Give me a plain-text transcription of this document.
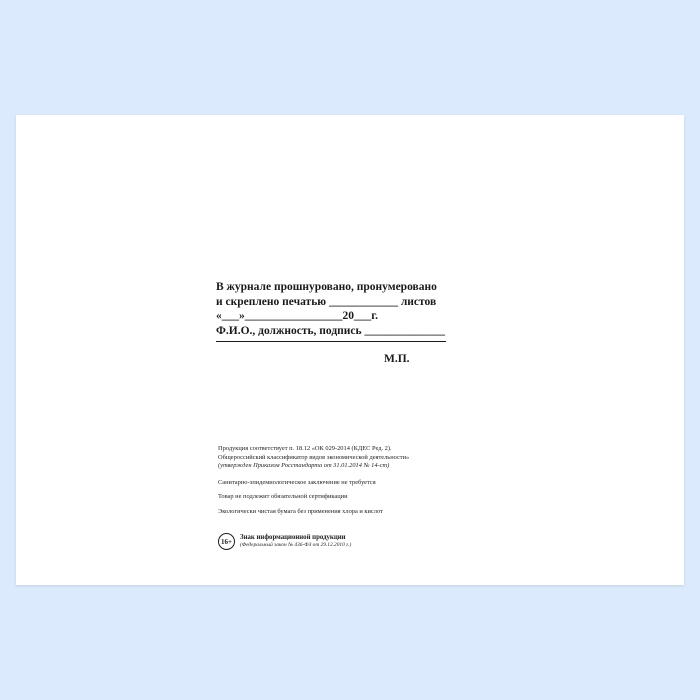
В журнале прошнуровано, пронумеровано
и скреплено печатью ____________ листов
«___»_________________20___г.
Ф.И.О., должность, подпись ______________
М.П.
Продукция соответствует п. 18.12 «ОК 029-2014 (КДЕС Ред. 2).
Общероссийский классификатор видов экономической деятельности»
(утвержден Приказом Росстандарта от 31.01.2014 № 14-ст)
Санитарно-эпидемиологическое заключение не требуется
Товар не подлежит обязательной сертификации
Экологически чистая бумага без применения хлора и кислот
16+	Знак информационной продукции
(Федеральный закон № 436-ФЗ от 29.12.2010 г.)
